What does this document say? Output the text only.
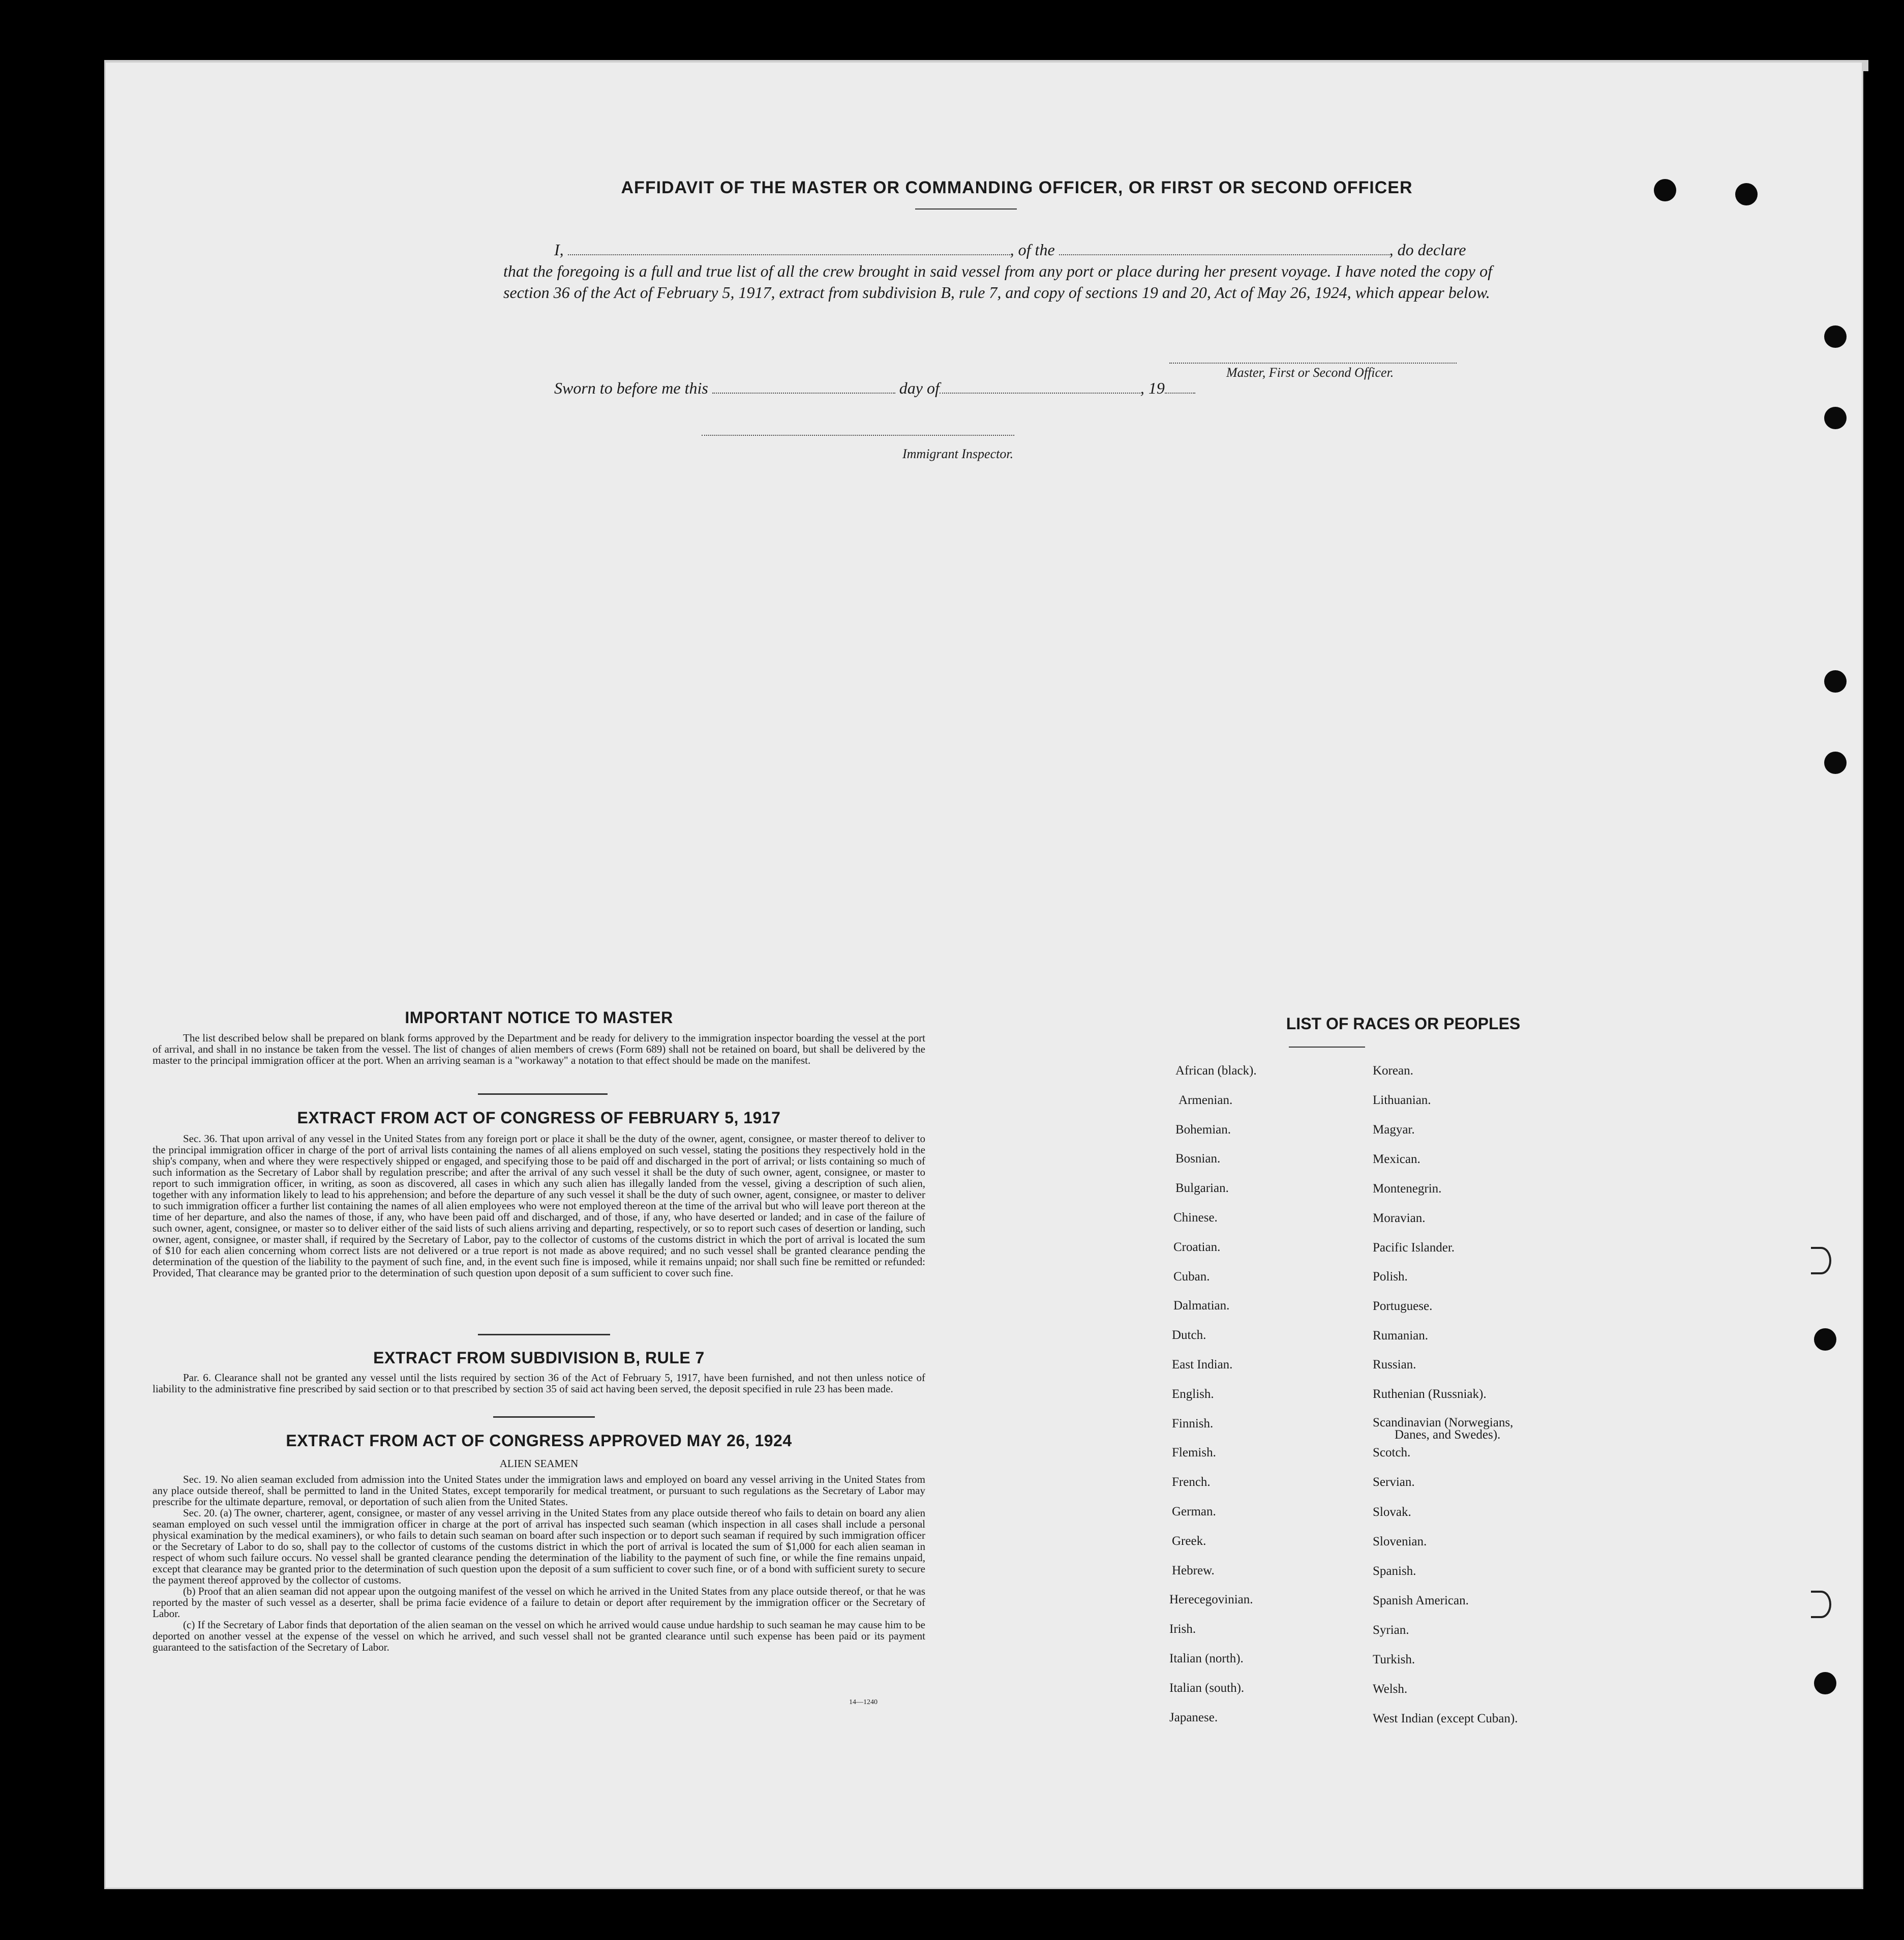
AFFIDAVIT OF THE MASTER OR COMMANDING OFFICER, OR FIRST OR SECOND OFFICER
I,	, of the	, do declare
that the foregoing is a full and true list of all the crew brought in said vessel from any port or place during her present voyage. I have noted the copy of section 36 of the Act of February 5, 1917, extract from subdivision B, rule 7, and copy of sections 19 and 20, Act of May 26, 1924, which appear below.
Master, First or Second Officer.
Sworn to before me this	day of	, 19
Immigrant Inspector.
IMPORTANT NOTICE TO MASTER

The list described below shall be prepared on blank forms approved by the Department and be ready for delivery to the immigration inspector boarding the vessel at the port of arrival, and shall in no instance be taken from the vessel. The list of changes of alien members of crews (Form 689) shall not be retained on board, but shall be delivered by the master to the principal immigration officer at the port. When an arriving seaman is a "workaway" a notation to that effect should be made on the manifest.

EXTRACT FROM ACT OF CONGRESS OF FEBRUARY 5, 1917

Sec. 36. That upon arrival of any vessel in the United States from any foreign port or place it shall be the duty of the owner, agent, consignee, or master thereof to deliver to the principal immigration officer in charge of the port of arrival lists containing the names of all aliens employed on such vessel, stating the positions they respectively hold in the ship's company, when and where they were respectively shipped or engaged, and specifying those to be paid off and discharged in the port of arrival; or lists containing so much of such information as the Secretary of Labor shall by regulation prescribe; and after the arrival of any such vessel it shall be the duty of such owner, agent, consignee, or master to report to such immigration officer, in writing, as soon as discovered, all cases in which any such alien has illegally landed from the vessel, giving a description of such alien, together with any information likely to lead to his apprehension; and before the departure of any such vessel it shall be the duty of such owner, agent, consignee, or master to deliver to such immigration officer a further list containing the names of all alien employees who were not employed thereon at the time of the arrival but who will leave port thereon at the time of her departure, and also the names of those, if any, who have been paid off and discharged, and of those, if any, who have deserted or landed; and in case of the failure of such owner, agent, consignee, or master so to deliver either of the said lists of such aliens arriving and departing, respectively, or so to report such cases of desertion or landing, such owner, agent, consignee, or master shall, if required by the Secretary of Labor, pay to the collector of customs of the customs district in which the port of arrival is located the sum of $10 for each alien concerning whom correct lists are not delivered or a true report is not made as above required; and no such vessel shall be granted clearance pending the determination of the question of the liability to the payment of such fine, and, in the event such fine is imposed, while it remains unpaid; nor shall such fine be remitted or refunded: Provided, That clearance may be granted prior to the determination of such question upon deposit of a sum sufficient to cover such fine.

EXTRACT FROM SUBDIVISION B, RULE 7

Par. 6. Clearance shall not be granted any vessel until the lists required by section 36 of the Act of February 5, 1917, have been furnished, and not then unless notice of liability to the administrative fine prescribed by said section or to that prescribed by section 35 of said act having been served, the deposit specified in rule 23 has been made.

EXTRACT FROM ACT OF CONGRESS APPROVED MAY 26, 1924
ALIEN SEAMEN

Sec. 19. No alien seaman excluded from admission into the United States under the immigration laws and employed on board any vessel arriving in the United States from any place outside thereof, shall be permitted to land in the United States, except temporarily for medical treatment, or pursuant to such regulations as the Secretary of Labor may prescribe for the ultimate departure, removal, or deportation of such alien from the United States.

Sec. 20. (a) The owner, charterer, agent, consignee, or master of any vessel arriving in the United States from any place outside thereof who fails to detain on board any alien seaman employed on such vessel until the immigration officer in charge at the port of arrival has inspected such seaman (which inspection in all cases shall include a personal physical examination by the medical examiners), or who fails to detain such seaman on board after such inspection or to deport such seaman if required by such immigration officer or the Secretary of Labor to do so, shall pay to the collector of customs of the customs district in which the port of arrival is located the sum of $1,000 for each alien seaman in respect of whom such failure occurs. No vessel shall be granted clearance pending the determination of the liability to the payment of such fine, or while the fine remains unpaid, except that clearance may be granted prior to the determination of such question upon the deposit of a sum sufficient to cover such fine, or of a bond with sufficient surety to secure the payment thereof approved by the collector of customs.

(b) Proof that an alien seaman did not appear upon the outgoing manifest of the vessel on which he arrived in the United States from any place outside thereof, or that he was reported by the master of such vessel as a deserter, shall be prima facie evidence of a failure to detain or deport after requirement by the immigration officer or the Secretary of Labor.

(c) If the Secretary of Labor finds that deportation of the alien seaman on the vessel on which he arrived would cause undue hardship to such seaman he may cause him to be deported on another vessel at the expense of the vessel on which he arrived, and such vessel shall not be granted clearance until such expense has been paid or its payment guaranteed to the satisfaction of the Secretary of Labor.

14—1240
LIST OF RACES OR PEOPLES
African (black).
Armenian.
Bohemian.
Bosnian.
Bulgarian.
Chinese.
Croatian.
Cuban.
Dalmatian.
Dutch.
East Indian.
English.
Finnish.
Flemish.
French.
German.
Greek.
Hebrew.
Herecegovinian.
Irish.
Italian (north).
Italian (south).
Japanese.
Korean.
Lithuanian.
Magyar.
Mexican.
Montenegrin.
Moravian.
Pacific Islander.
Polish.
Portuguese.
Rumanian.
Russian.
Ruthenian (Russniak).
Scandinavian (Norwegians,
Danes, and Swedes).
Scotch.
Servian.
Slovak.
Slovenian.
Spanish.
Spanish American.
Syrian.
Turkish.
Welsh.
West Indian (except Cuban).
